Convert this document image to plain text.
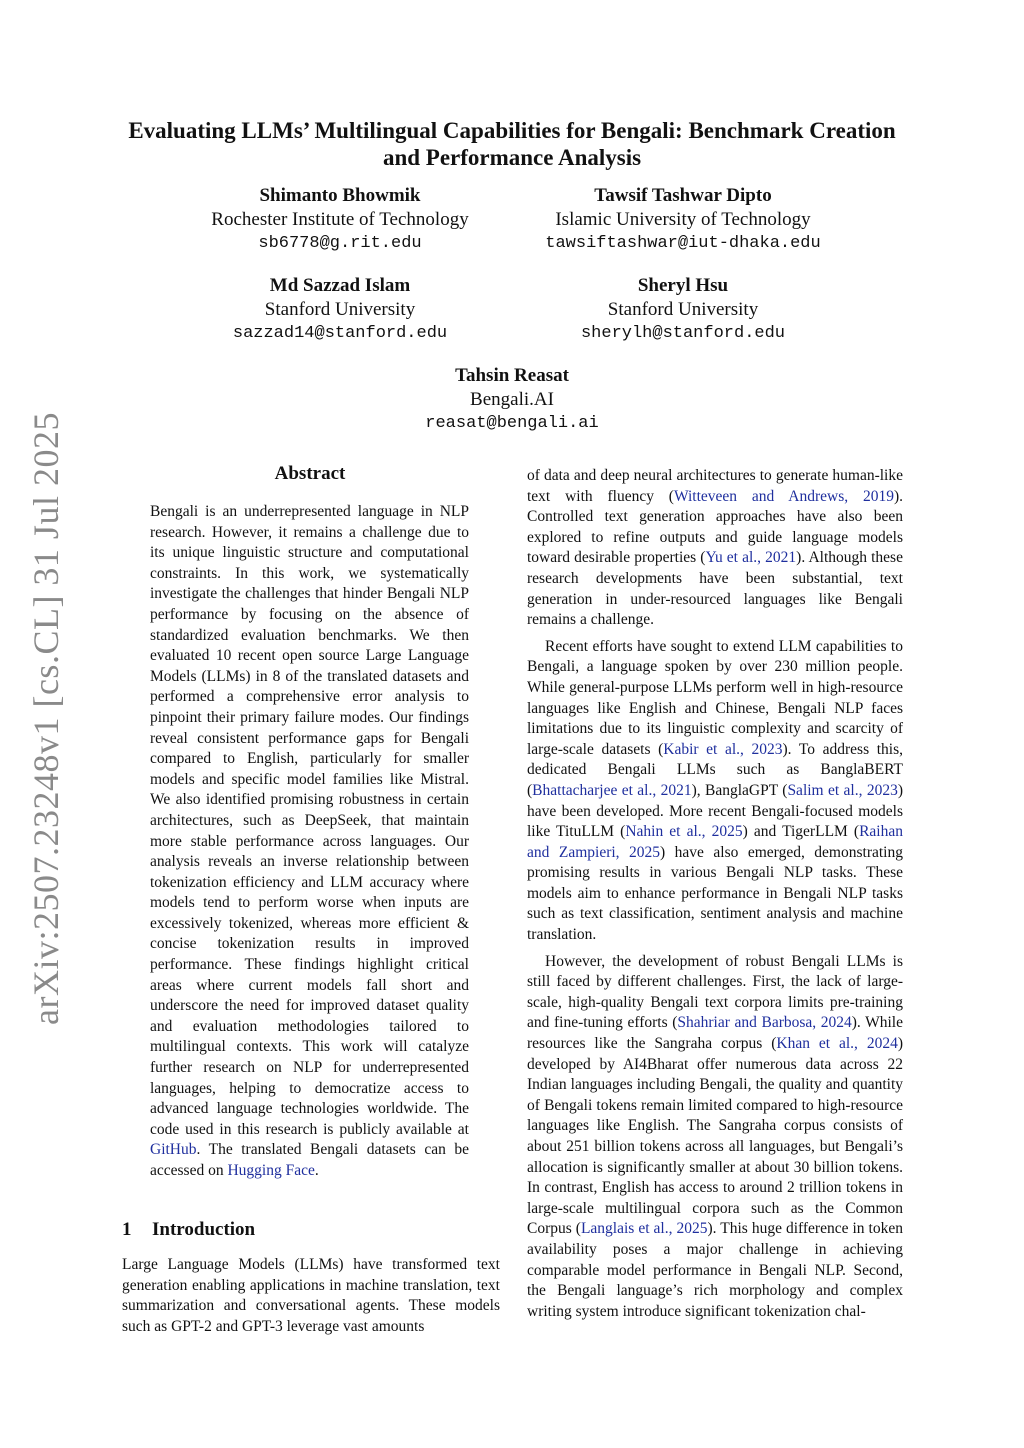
arXiv:2507.23248v1 [cs.CL] 31 Jul 2025
Evaluating LLMs’ Multilingual Capabilities for Bengali: Benchmark Creation and Performance Analysis
Shimanto Bhowmik
Rochester Institute of Technology
sb6778@g.rit.edu
Tawsif Tashwar Dipto
Islamic University of Technology
tawsiftashwar@iut-dhaka.edu
Md Sazzad Islam
Stanford University
sazzad14@stanford.edu
Sheryl Hsu
Stanford University
sherylh@stanford.edu
Tahsin Reasat
Bengali.AI
reasat@bengali.ai
Abstract

Bengali is an underrepresented language in NLP research. However, it remains a challenge due to its unique linguistic structure and computational constraints. In this work, we systematically investigate the challenges that hinder Bengali NLP performance by focusing on the absence of standardized evaluation benchmarks. We then evaluated 10 recent open source Large Language Models (LLMs) in 8 of the translated datasets and performed a comprehensive error analysis to pinpoint their primary failure modes. Our findings reveal consistent performance gaps for Bengali compared to English, particularly for smaller models and specific model families like Mistral. We also identified promising robustness in certain architectures, such as DeepSeek, that maintain more stable performance across languages. Our analysis reveals an inverse relationship between tokenization efficiency and LLM accuracy where models tend to perform worse when inputs are excessively tokenized, whereas more efficient & concise tokenization results in improved performance. These findings highlight critical areas where current models fall short and underscore the need for improved dataset quality and evaluation methodologies tailored to multilingual contexts. This work will catalyze further research on NLP for underrepresented languages, helping to democratize access to advanced language technologies worldwide. The code used in this research is publicly available at GitHub. The translated Bengali datasets can be accessed on Hugging Face.

1 Introduction

Large Language Models (LLMs) have transformed text generation enabling applications in machine translation, text summarization and conversational agents. These models such as GPT-2 and GPT-3 leverage vast amounts

of data and deep neural architectures to generate human-like text with fluency (Witteveen and Andrews, 2019). Controlled text generation approaches have also been explored to refine outputs and guide language models toward desirable properties (Yu et al., 2021). Although these research developments have been substantial, text generation in under-resourced languages like Bengali remains a challenge.

Recent efforts have sought to extend LLM capabilities to Bengali, a language spoken by over 230 million people. While general-purpose LLMs perform well in high-resource languages like English and Chinese, Bengali NLP faces limitations due to its linguistic complexity and scarcity of large-scale datasets (Kabir et al., 2023). To address this, dedicated Bengali LLMs such as BanglaBERT (Bhattacharjee et al., 2021), BanglaGPT (Salim et al., 2023) have been developed. More recent Bengali-focused models like TituLLM (Nahin et al., 2025) and TigerLLM (Raihan and Zampieri, 2025) have also emerged, demonstrating promising results in various Bengali NLP tasks. These models aim to enhance performance in Bengali NLP tasks such as text classification, sentiment analysis and machine translation.

However, the development of robust Bengali LLMs is still faced by different challenges. First, the lack of large-scale, high-quality Bengali text corpora limits pre-training and fine-tuning efforts (Shahriar and Barbosa, 2024). While resources like the Sangraha corpus (Khan et al., 2024) developed by AI4Bharat offer numerous data across 22 Indian languages including Bengali, the quality and quantity of Bengali tokens remain limited compared to high-resource languages like English. The Sangraha corpus consists of about 251 billion tokens across all languages, but Bengali’s allocation is significantly smaller at about 30 billion tokens. In contrast, English has access to around 2 trillion tokens in large-scale multilingual corpora such as the Common Corpus (Langlais et al., 2025). This huge difference in token availability poses a major challenge in achieving comparable model performance in Bengali NLP. Second, the Bengali language’s rich morphology and complex writing system introduce significant tokenization chal-
